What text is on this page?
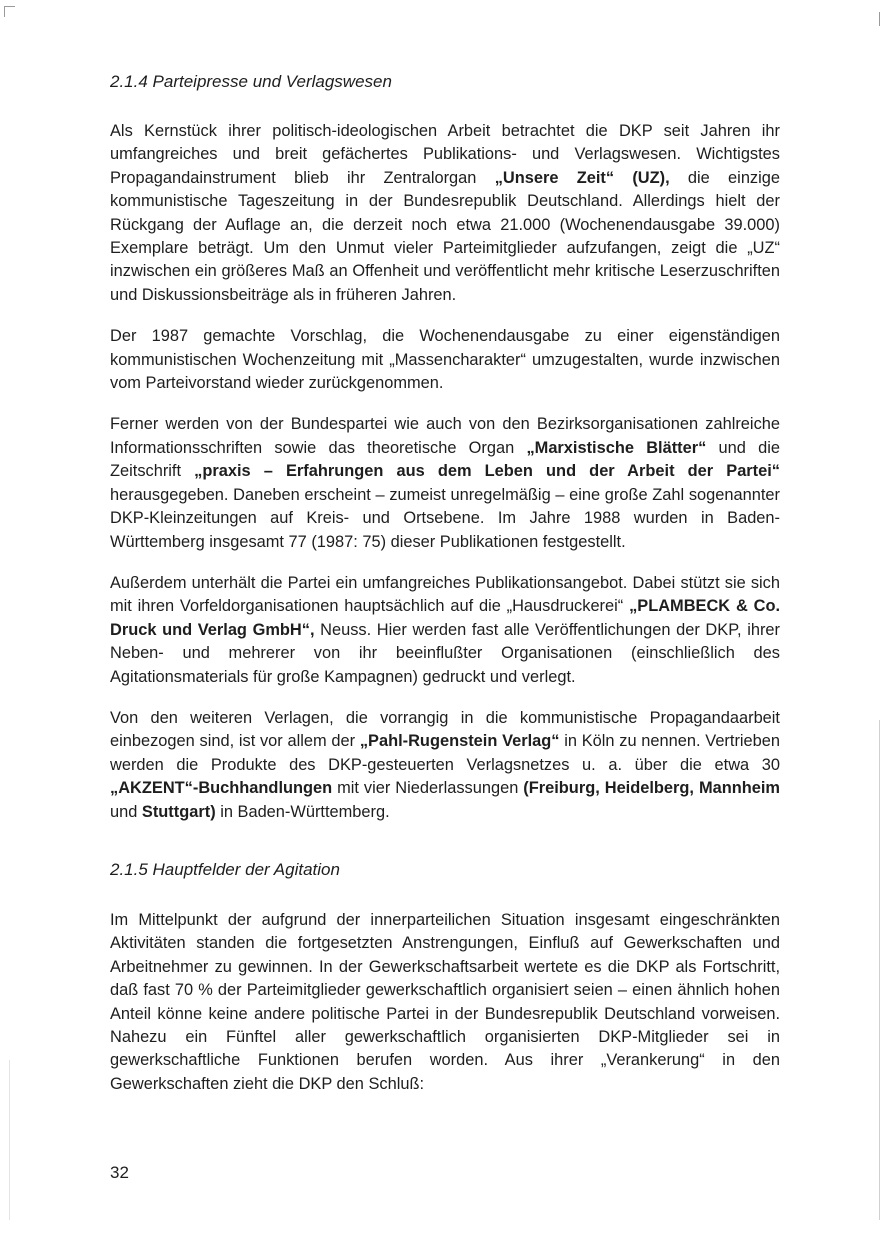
2.1.4 Parteipresse und Verlagswesen

Als Kernstück ihrer politisch-ideologischen Arbeit betrachtet die DKP seit Jahren ihr umfangreiches und breit gefächertes Publikations- und Verlagswesen. Wichtigstes Propagandainstrument blieb ihr Zentralorgan „Unsere Zeit“ (UZ), die einzige kommunistische Tageszeitung in der Bundesrepublik Deutschland. Allerdings hielt der Rückgang der Auflage an, die derzeit noch etwa 21.000 (Wochenendausgabe 39.000) Exemplare beträgt. Um den Unmut vieler Parteimitglieder aufzufangen, zeigt die „UZ“ inzwischen ein größeres Maß an Offenheit und veröffentlicht mehr kritische Leserzuschriften und Diskussionsbeiträge als in früheren Jahren.

Der 1987 gemachte Vorschlag, die Wochenendausgabe zu einer eigenständigen kommunistischen Wochenzeitung mit „Massencharakter“ umzugestalten, wurde inzwischen vom Parteivorstand wieder zurückgenommen.

Ferner werden von der Bundespartei wie auch von den Bezirksorganisationen zahlreiche Informationsschriften sowie das theoretische Organ „Marxistische Blätter“ und die Zeitschrift „praxis – Erfahrungen aus dem Leben und der Arbeit der Partei“ herausgegeben. Daneben erscheint – zumeist unregelmäßig – eine große Zahl sogenannter DKP-Kleinzeitungen auf Kreis- und Ortsebene. Im Jahre 1988 wurden in Baden-Württemberg insgesamt 77 (1987: 75) dieser Publikationen festgestellt.

Außerdem unterhält die Partei ein umfangreiches Publikationsangebot. Dabei stützt sie sich mit ihren Vorfeldorganisationen hauptsächlich auf die „Hausdruckerei“ „PLAMBECK & Co. Druck und Verlag GmbH“, Neuss. Hier werden fast alle Veröffentlichungen der DKP, ihrer Neben- und mehrerer von ihr beeinflußter Organisationen (einschließlich des Agitationsmaterials für große Kampagnen) gedruckt und verlegt.

Von den weiteren Verlagen, die vorrangig in die kommunistische Propagandaarbeit einbezogen sind, ist vor allem der „Pahl-Rugenstein Verlag“ in Köln zu nennen. Vertrieben werden die Produkte des DKP-gesteuerten Verlagsnetzes u. a. über die etwa 30 „AKZENT“-Buchhandlungen mit vier Niederlassungen (Freiburg, Heidelberg, Mannheim und Stuttgart) in Baden-Württemberg.

2.1.5 Hauptfelder der Agitation

Im Mittelpunkt der aufgrund der innerparteilichen Situation insgesamt eingeschränkten Aktivitäten standen die fortgesetzten Anstrengungen, Einfluß auf Gewerkschaften und Arbeitnehmer zu gewinnen. In der Gewerkschaftsarbeit wertete es die DKP als Fortschritt, daß fast 70 % der Parteimitglieder gewerkschaftlich organisiert seien – einen ähnlich hohen Anteil könne keine andere politische Partei in der Bundesrepublik Deutschland vorweisen. Nahezu ein Fünftel aller gewerkschaftlich organisierten DKP-Mitglieder sei in gewerkschaftliche Funktionen berufen worden. Aus ihrer „Verankerung“ in den Gewerkschaften zieht die DKP den Schluß:

32
